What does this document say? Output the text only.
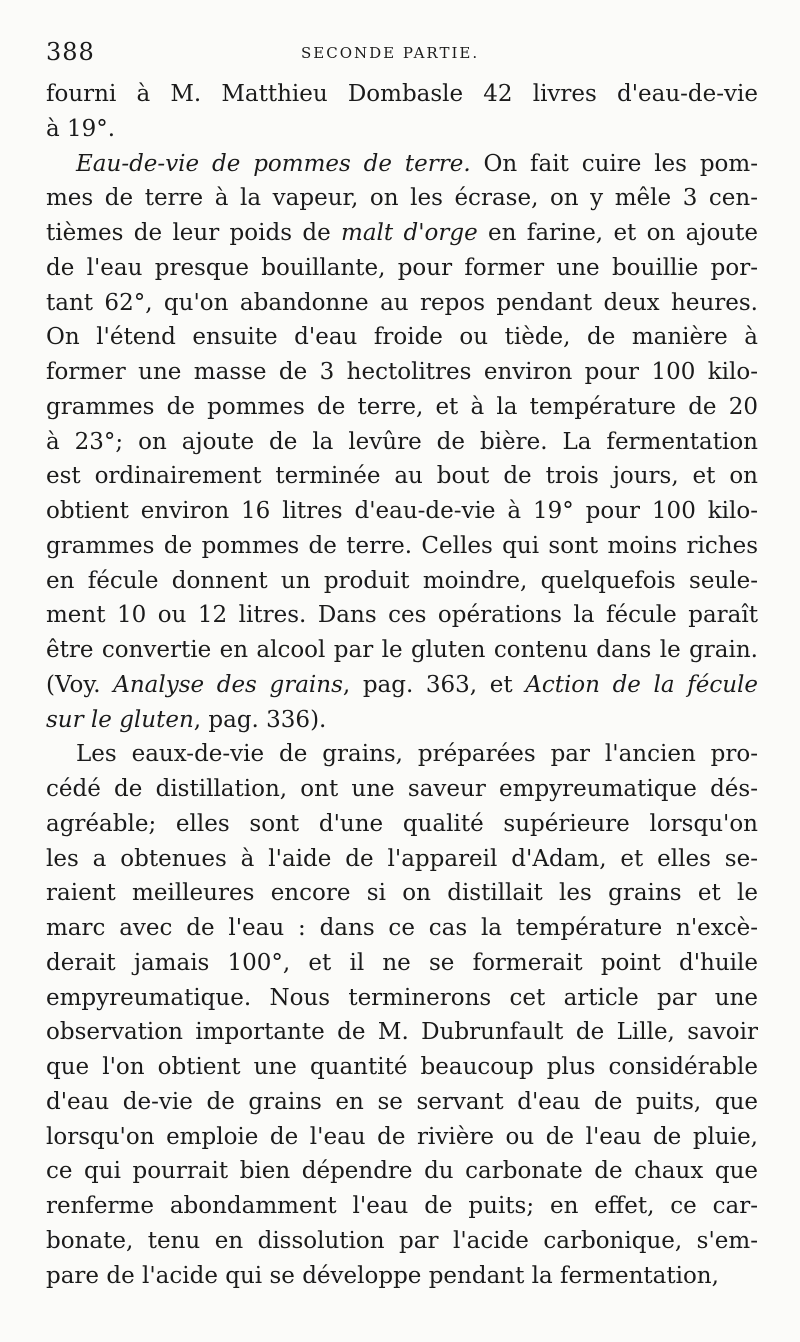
388	SECONDE PARTIE.
fourni à M. Matthieu Dombasle 42 livres d'eau-de-vie
à 19°.
Eau-de-vie de pommes de terre. On fait cuire les pom-
mes de terre à la vapeur, on les écrase, on y mêle 3 cen-
tièmes de leur poids de malt d'orge en farine, et on ajoute
de l'eau presque bouillante, pour former une bouillie por-
tant 62°, qu'on abandonne au repos pendant deux heures.
On l'étend ensuite d'eau froide ou tiède, de manière à
former une masse de 3 hectolitres environ pour 100 kilo-
grammes de pommes de terre, et à la température de 20
à 23°; on ajoute de la levûre de bière. La fermentation
est ordinairement terminée au bout de trois jours, et on
obtient environ 16 litres d'eau-de-vie à 19° pour 100 kilo-
grammes de pommes de terre. Celles qui sont moins riches
en fécule donnent un produit moindre, quelquefois seule-
ment 10 ou 12 litres. Dans ces opérations la fécule paraît
être convertie en alcool par le gluten contenu dans le grain.
(Voy. Analyse des grains, pag. 363, et Action de la fécule
sur le gluten, pag. 336).
Les eaux-de-vie de grains, préparées par l'ancien pro-
cédé de distillation, ont une saveur empyreumatique dés-
agréable; elles sont d'une qualité supérieure lorsqu'on
les a obtenues à l'aide de l'appareil d'Adam, et elles se-
raient meilleures encore si on distillait les grains et le
marc avec de l'eau : dans ce cas la température n'excè-
derait jamais 100°, et il ne se formerait point d'huile
empyreumatique. Nous terminerons cet article par une
observation importante de M. Dubrunfault de Lille, savoir
que l'on obtient une quantité beaucoup plus considérable
d'eau de-vie de grains en se servant d'eau de puits, que
lorsqu'on emploie de l'eau de rivière ou de l'eau de pluie,
ce qui pourrait bien dépendre du carbonate de chaux que
renferme abondamment l'eau de puits; en effet, ce car-
bonate, tenu en dissolution par l'acide carbonique, s'em-
pare de l'acide qui se développe pendant la fermentation,
